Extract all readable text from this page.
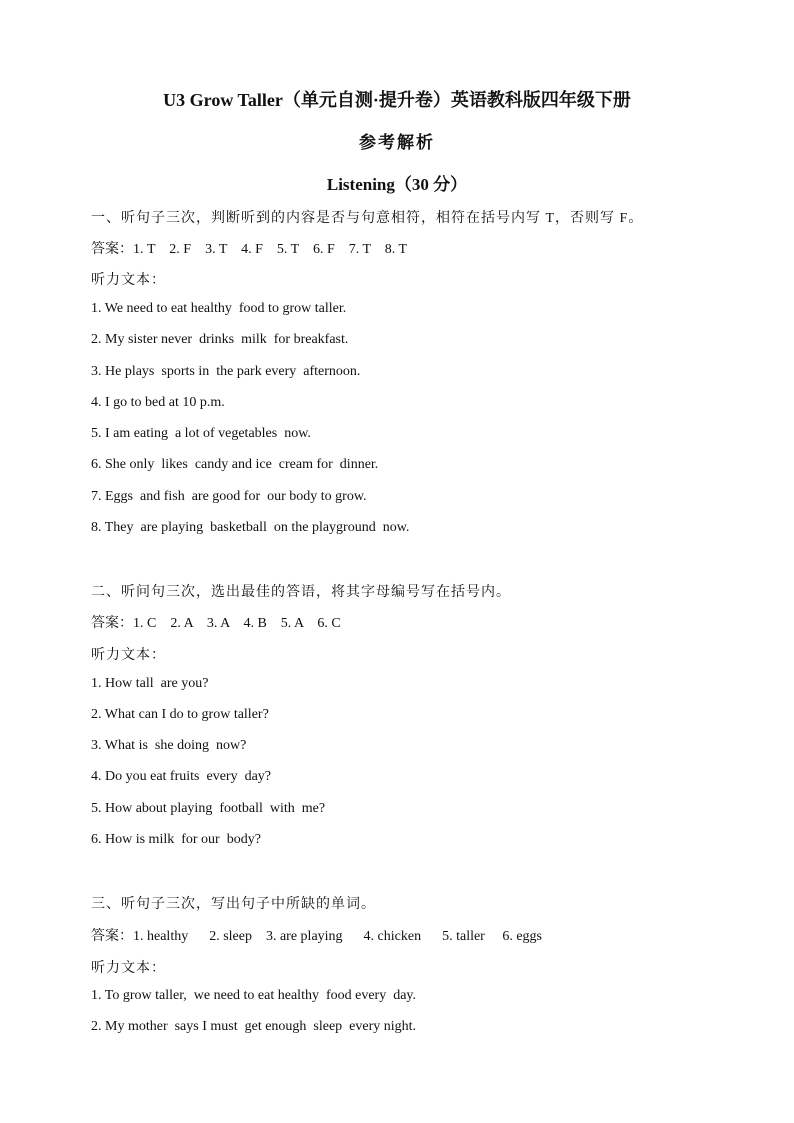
U3 Grow Taller（单元自测·提升卷）英语教科版四年级下册
参考解析
Listening（30 分）
一、听句子三次，判断听到的内容是否与句意相符，相符在括号内写 T，否则写 F。
答案：1. T    2. F    3. T    4. F    5. T    6. F    7. T    8. T
听力文本：
1. We need to eat healthy  food to grow taller.
2. My sister never  drinks  milk  for breakfast.
3. He plays  sports in  the park every  afternoon.
4. I go to bed at 10 p.m.
5. I am eating  a lot of vegetables  now.
6. She only  likes  candy and ice  cream for  dinner.
7. Eggs  and fish  are good for  our body to grow.
8. They  are playing  basketball  on the playground  now.
二、听问句三次，选出最佳的答语，将其字母编号写在括号内。
答案：1. C    2. A    3. A    4. B    5. A    6. C
听力文本：
1. How tall  are you?
2. What can I do to grow taller?
3. What is  she doing  now?
4. Do you eat fruits  every  day?
5. How about playing  football  with  me?
6. How is milk  for our  body?
三、听句子三次，写出句子中所缺的单词。
答案：1. healthy      2. sleep    3. are playing      4. chicken      5. taller     6. eggs
听力文本：
1. To grow taller,  we need to eat healthy  food every  day.
2. My mother  says I must  get enough  sleep  every night.
